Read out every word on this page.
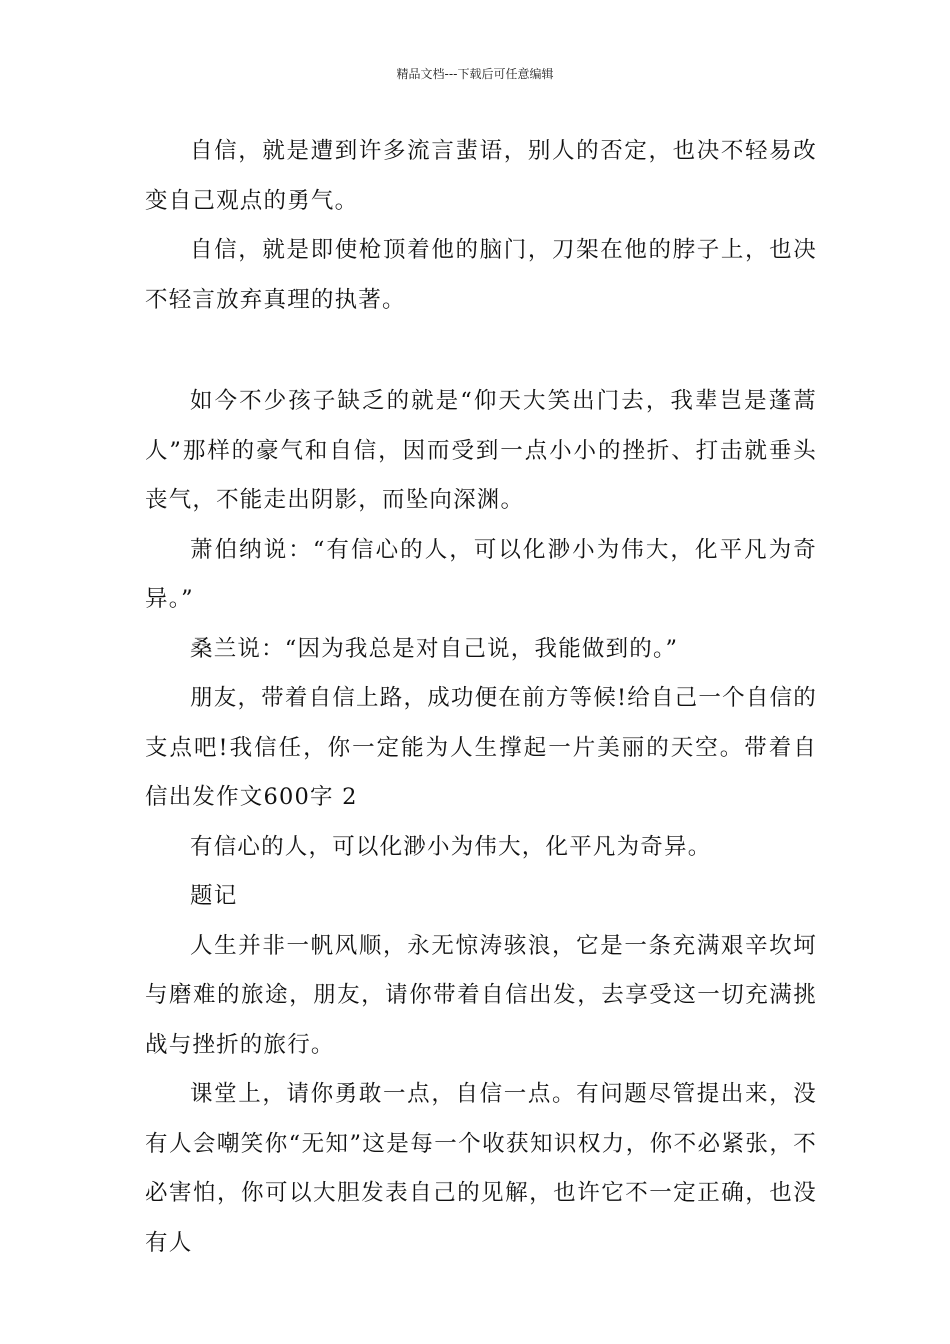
精品文档---下载后可任意编辑

自信，就是遭到许多流言蜚语，别人的否定，也决不轻易改变自己观点的勇气。

自信，就是即使枪顶着他的脑门，刀架在他的脖子上，也决不轻言放弃真理的执著。

如今不少孩子缺乏的就是“仰天大笑出门去，我辈岂是蓬蒿人”那样的豪气和自信，因而受到一点小小的挫折、打击就垂头丧气，不能走出阴影，而坠向深渊。

萧伯纳说：“有信心的人，可以化渺小为伟大，化平凡为奇异。”

桑兰说：“因为我总是对自己说，我能做到的。”

朋友，带着自信上路，成功便在前方等候!给自己一个自信的支点吧!我信任，你一定能为人生撑起一片美丽的天空。带着自信出发作文600字 2

有信心的人，可以化渺小为伟大，化平凡为奇异。

题记

人生并非一帆风顺，永无惊涛骇浪，它是一条充满艰辛坎坷与磨难的旅途，朋友，请你带着自信出发，去享受这一切充满挑战与挫折的旅行。

课堂上，请你勇敢一点，自信一点。有问题尽管提出来，没有人会嘲笑你“无知”这是每一个收获知识权力，你不必紧张，不必害怕，你可以大胆发表自己的见解，也许它不一定正确，也没有人
